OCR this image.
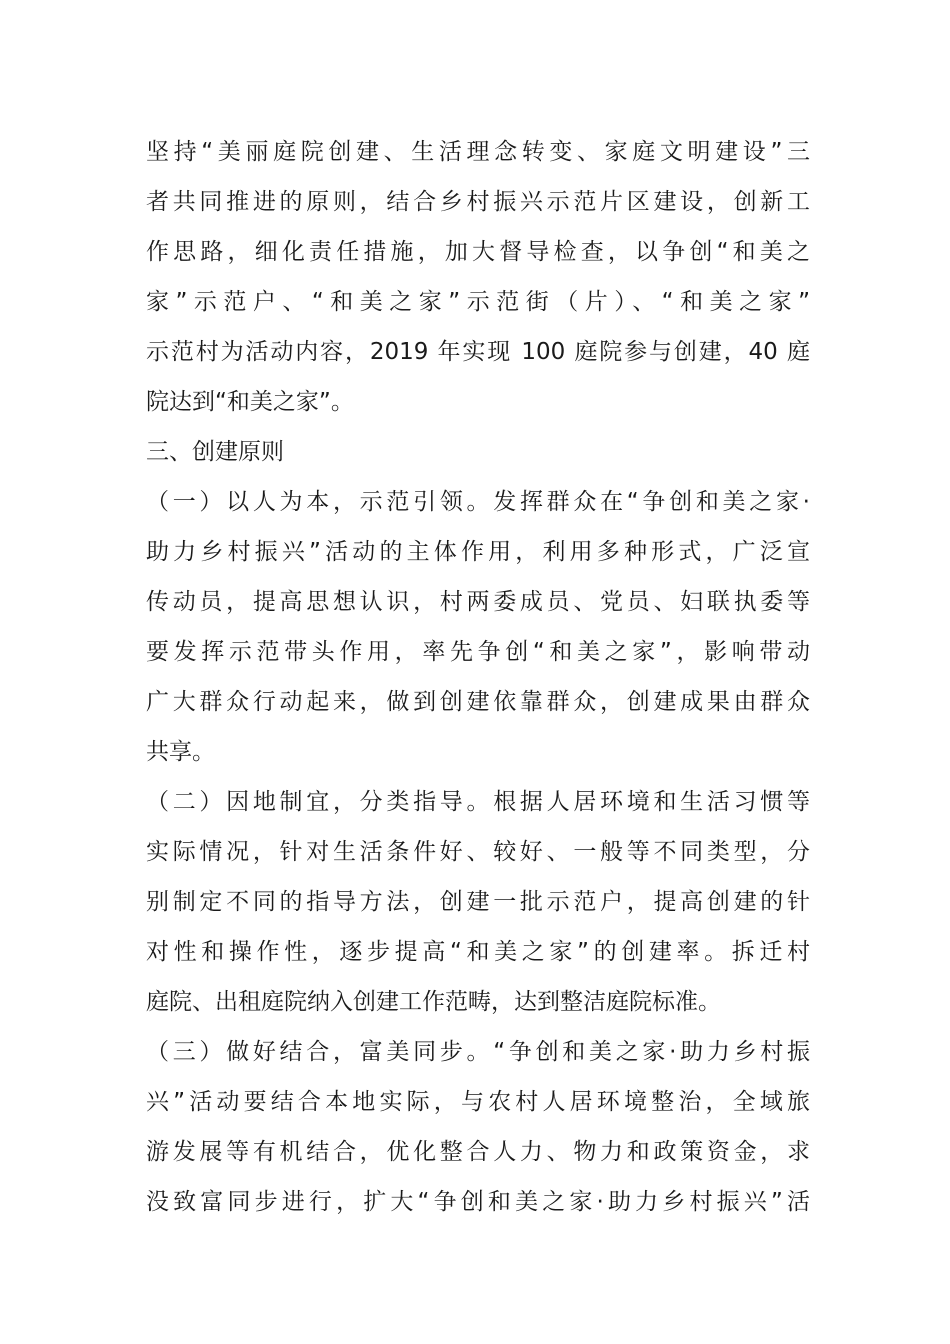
坚持“美丽庭院创建、生活理念转变、家庭文明建设”三
者共同推进的原则，结合乡村振兴示范片区建设，创新工
作思路，细化责任措施，加大督导检查，以争创“和美之
家”示范户、“和美之家”示范街（片）、“和美之家”
示范村为活动内容，2019 年实现 100 庭院参与创建，40 庭
院达到“和美之家”。
三、创建原则
（一）以人为本，示范引领。发挥群众在“争创和美之家·
助力乡村振兴”活动的主体作用，利用多种形式，广泛宣
传动员，提高思想认识，村两委成员、党员、妇联执委等
要发挥示范带头作用，率先争创“和美之家”，影响带动
广大群众行动起来，做到创建依靠群众，创建成果由群众
共享。
（二）因地制宜，分类指导。根据人居环境和生活习惯等
实际情况，针对生活条件好、较好、一般等不同类型，分
别制定不同的指导方法，创建一批示范户，提高创建的针
对性和操作性，逐步提高“和美之家”的创建率。拆迁村
庭院、出租庭院纳入创建工作范畴，达到整洁庭院标准。
（三）做好结合，富美同步。“争创和美之家·助力乡村振
兴”活动要结合本地实际，与农村人居环境整治，全域旅
游发展等有机结合，优化整合人力、物力和政策资金，求
没致富同步进行，扩大“争创和美之家·助力乡村振兴”活
